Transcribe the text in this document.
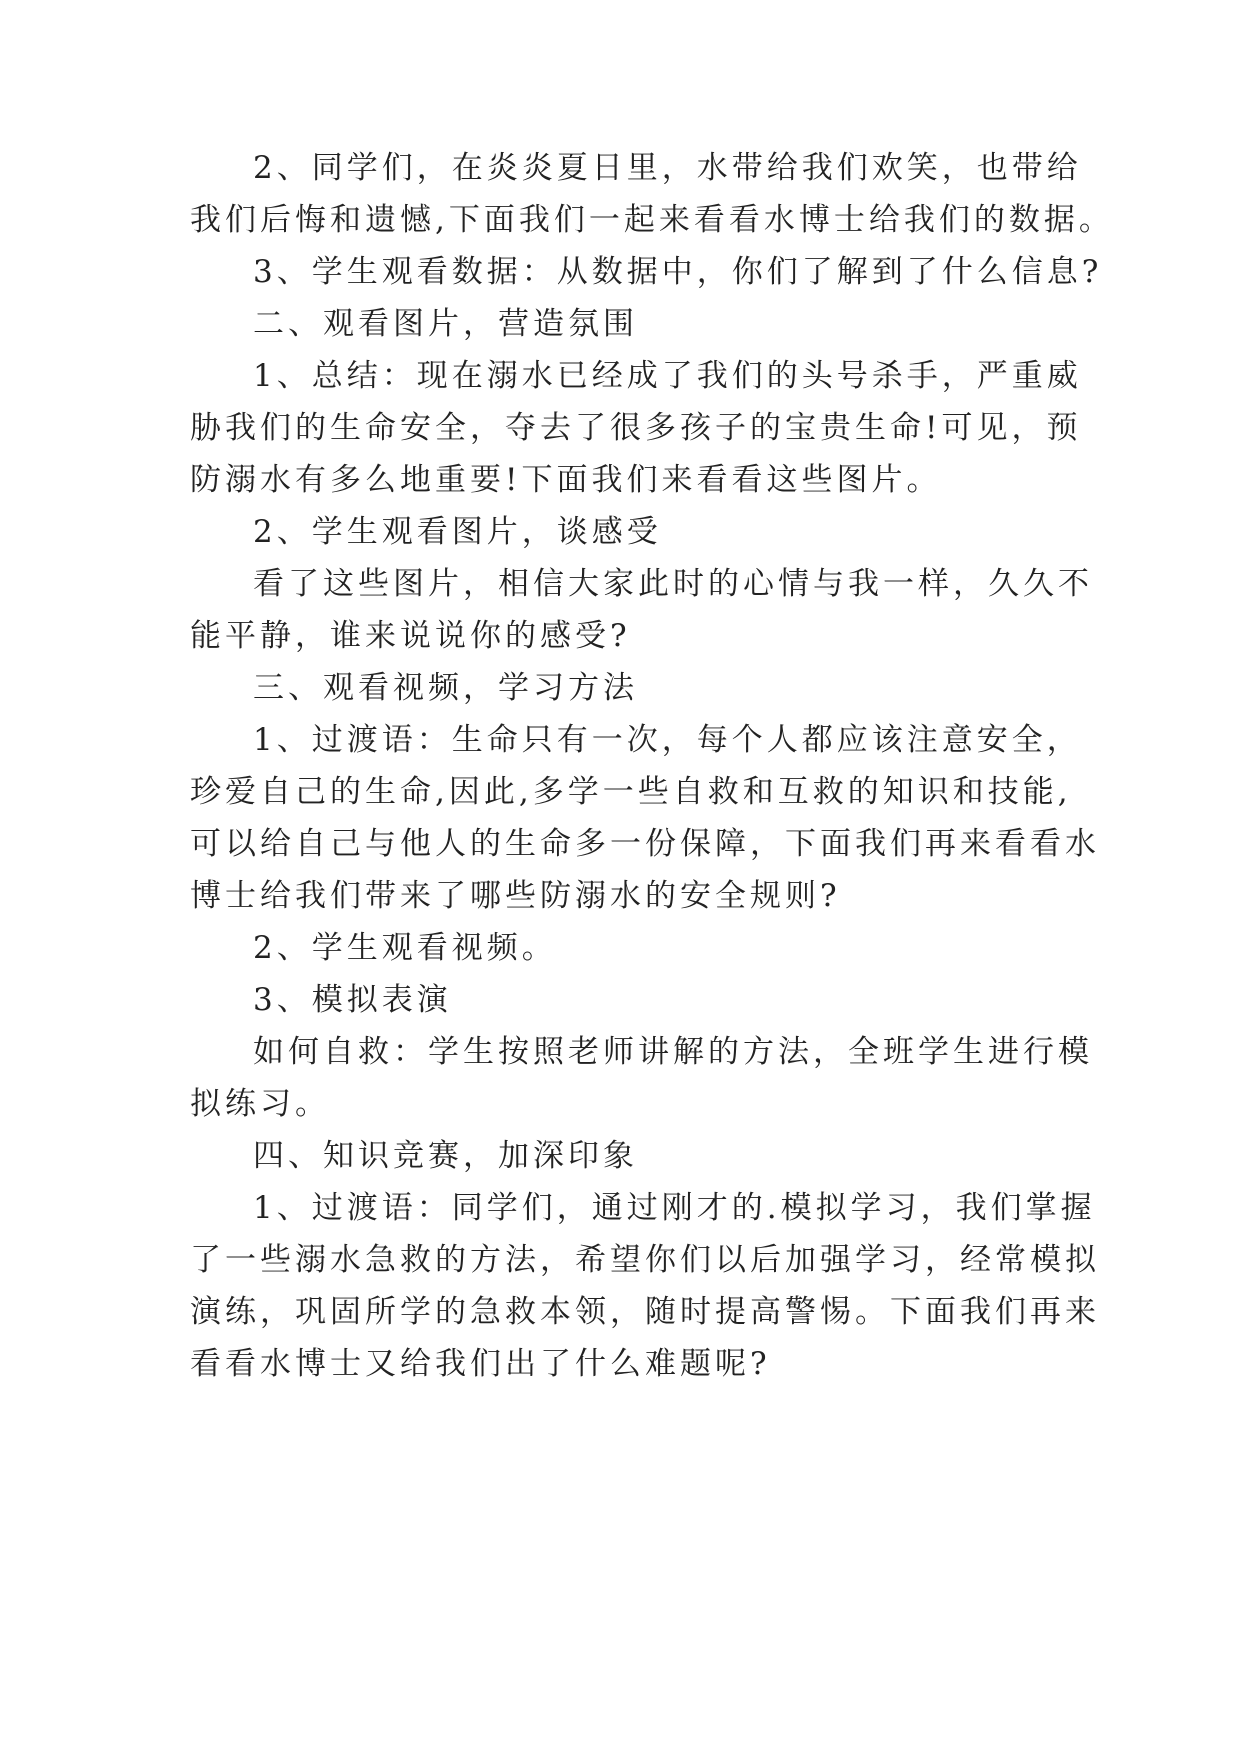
2、同学们，在炎炎夏日里，水带给我们欢笑，也带给
我们后悔和遗憾,下面我们一起来看看水博士给我们的数据。
3、学生观看数据：从数据中，你们了解到了什么信息?
二、观看图片，营造氛围
1、总结：现在溺水已经成了我们的头号杀手，严重威
胁我们的生命安全，夺去了很多孩子的宝贵生命!可见，预
防溺水有多么地重要!下面我们来看看这些图片。
2、学生观看图片，谈感受
看了这些图片，相信大家此时的心情与我一样，久久不
能平静，谁来说说你的感受?
三、观看视频，学习方法
1、过渡语：生命只有一次，每个人都应该注意安全，
珍爱自己的生命,因此,多学一些自救和互救的知识和技能,
可以给自己与他人的生命多一份保障，下面我们再来看看水
博士给我们带来了哪些防溺水的安全规则?
2、学生观看视频。
3、模拟表演
如何自救：学生按照老师讲解的方法，全班学生进行模
拟练习。
四、知识竞赛，加深印象
1、过渡语：同学们，通过刚才的.模拟学习，我们掌握
了一些溺水急救的方法，希望你们以后加强学习，经常模拟
演练，巩固所学的急救本领，随时提高警惕。下面我们再来
看看水博士又给我们出了什么难题呢?
